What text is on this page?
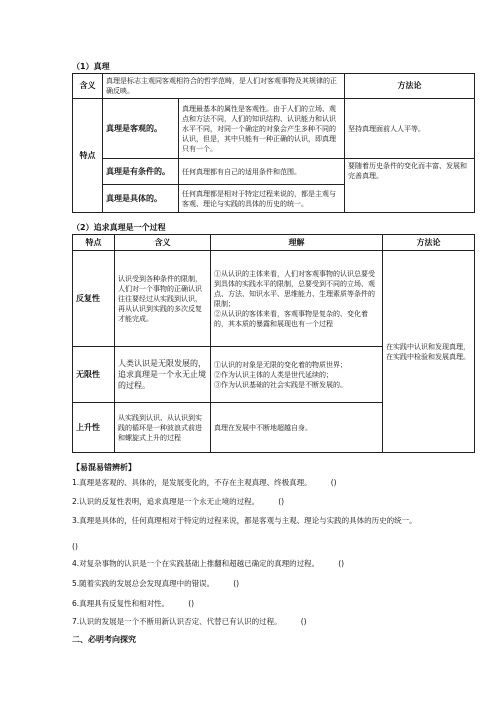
（1）真理
含义	真理是标志主观同客观相符合的哲学范畴，是人们对客观事物及其规律的正确反映。		方法论
特点	真理是客观的。	真理最基本的属性是客观性。由于人们的立场、观点和方法不同，人们的知识结构、认识能力和认识水平不同，对同一个确定的对象会产生多种不同的认识，但是，其中只能有一种正确的认识，即真理只有一个。	坚持真理面前人人平等。
	真理是有条件的。	任何真理都有自己的适用条件和范围。	要随着历史条件的变化而丰富、发展和完善真理。
	真理是具体的。	任何真理都是相对于特定过程来说的，都是主观与客观、理论与实践的具体的历史的统一。	
（2）追求真理是一个过程
特点	含义	理解	方法论
反复性	认识受到各种条件的限制，人们对一个事物的正确认识往往要经过从实践到认识，再从认识到实践的多次反复才能完成。	①从认识的主体来看，人们对客观事物的认识总要受到具体的实践水平的限制，总要受到不同的立场、观点、方法、知识水平、思维能力、生理素质等条件的限制；
②从认识的客体来看，客观事物是复杂的、变化着的，其本质的暴露和展现也有一个过程	在实践中认识和发现真理，在实践中检验和发展真理。
无限性	人类认识是无限发展的，追求真理是一个永无止境的过程。	①认识的对象是无限的变化着的物质世界；
②作为认识主体的人类是世代延续的；
③作为认识基础的社会实践是不断发展的。	

上升性	从实践到认识、从认识到实践的循环是一种波浪式前进和螺旋式上升的过程	真理在发展中不断地超越自身。	
【易混易错辨析】
1.真理是客观的、具体的，是发展变化的，不存在主观真理、终极真理。( )
2.认识的反复性表明，追求真理是一个永无止境的过程。( )
3.真理是具体的，任何真理相对于特定的过程来说，都是客观与主观、理论与实践的具体的历史的统一。
( )
4.对复杂事物的认识是一个在实践基础上推翻和超越已确定的真理的过程。( )
5.随着实践的发展总会发现真理中的错误。( )
6.真理具有反复性和相对性。( )
7.认识的发展是一个不断用新认识否定、代替已有认识的过程。( )
二、必明考向探究
